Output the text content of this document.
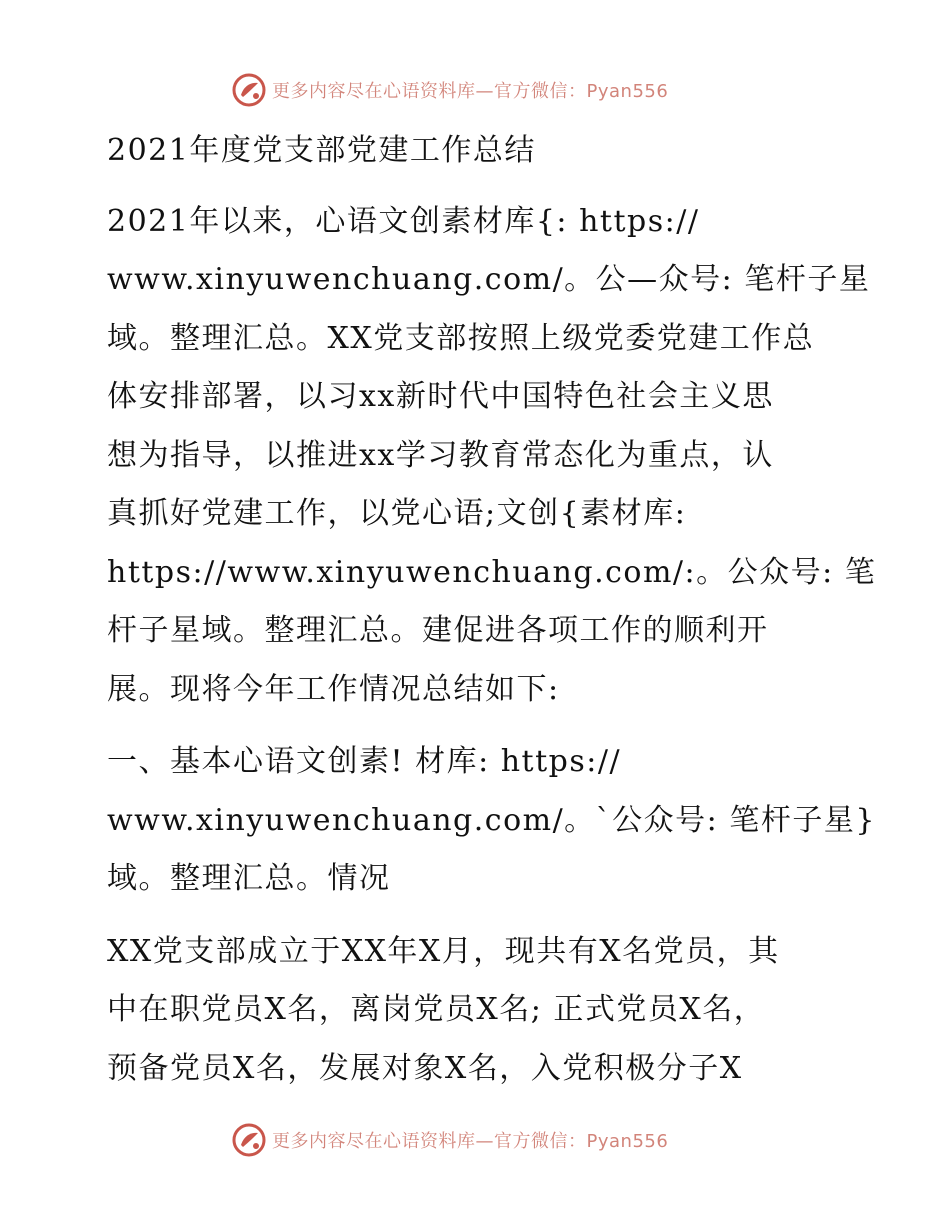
更多内容尽在心语资料库—官方微信：Pyan556

2021年度党支部党建工作总结

2021年以来，心语文创素材库{: https://
www.xinyuwenchuang.com/。公—众号: 笔杆子星
域。整理汇总。XX党支部按照上级党委党建工作总
体安排部署，以习xx新时代中国特色社会主义思
想为指导，以推进xx学习教育常态化为重点，认
真抓好党建工作，以党心语;文创{素材库:
https://www.xinyuwenchuang.com/:。公众号: 笔
杆子星域。整理汇总。建促进各项工作的顺利开
展。现将今年工作情况总结如下:

一、基本心语文创素! 材库: https://
www.xinyuwenchuang.com/。`公众号: 笔杆子星}
域。整理汇总。情况

XX党支部成立于XX年X月，现共有X名党员，其
中在职党员X名，离岗党员X名; 正式党员X名，
预备党员X名，发展对象X名，入党积极分子X

更多内容尽在心语资料库—官方微信：Pyan556
